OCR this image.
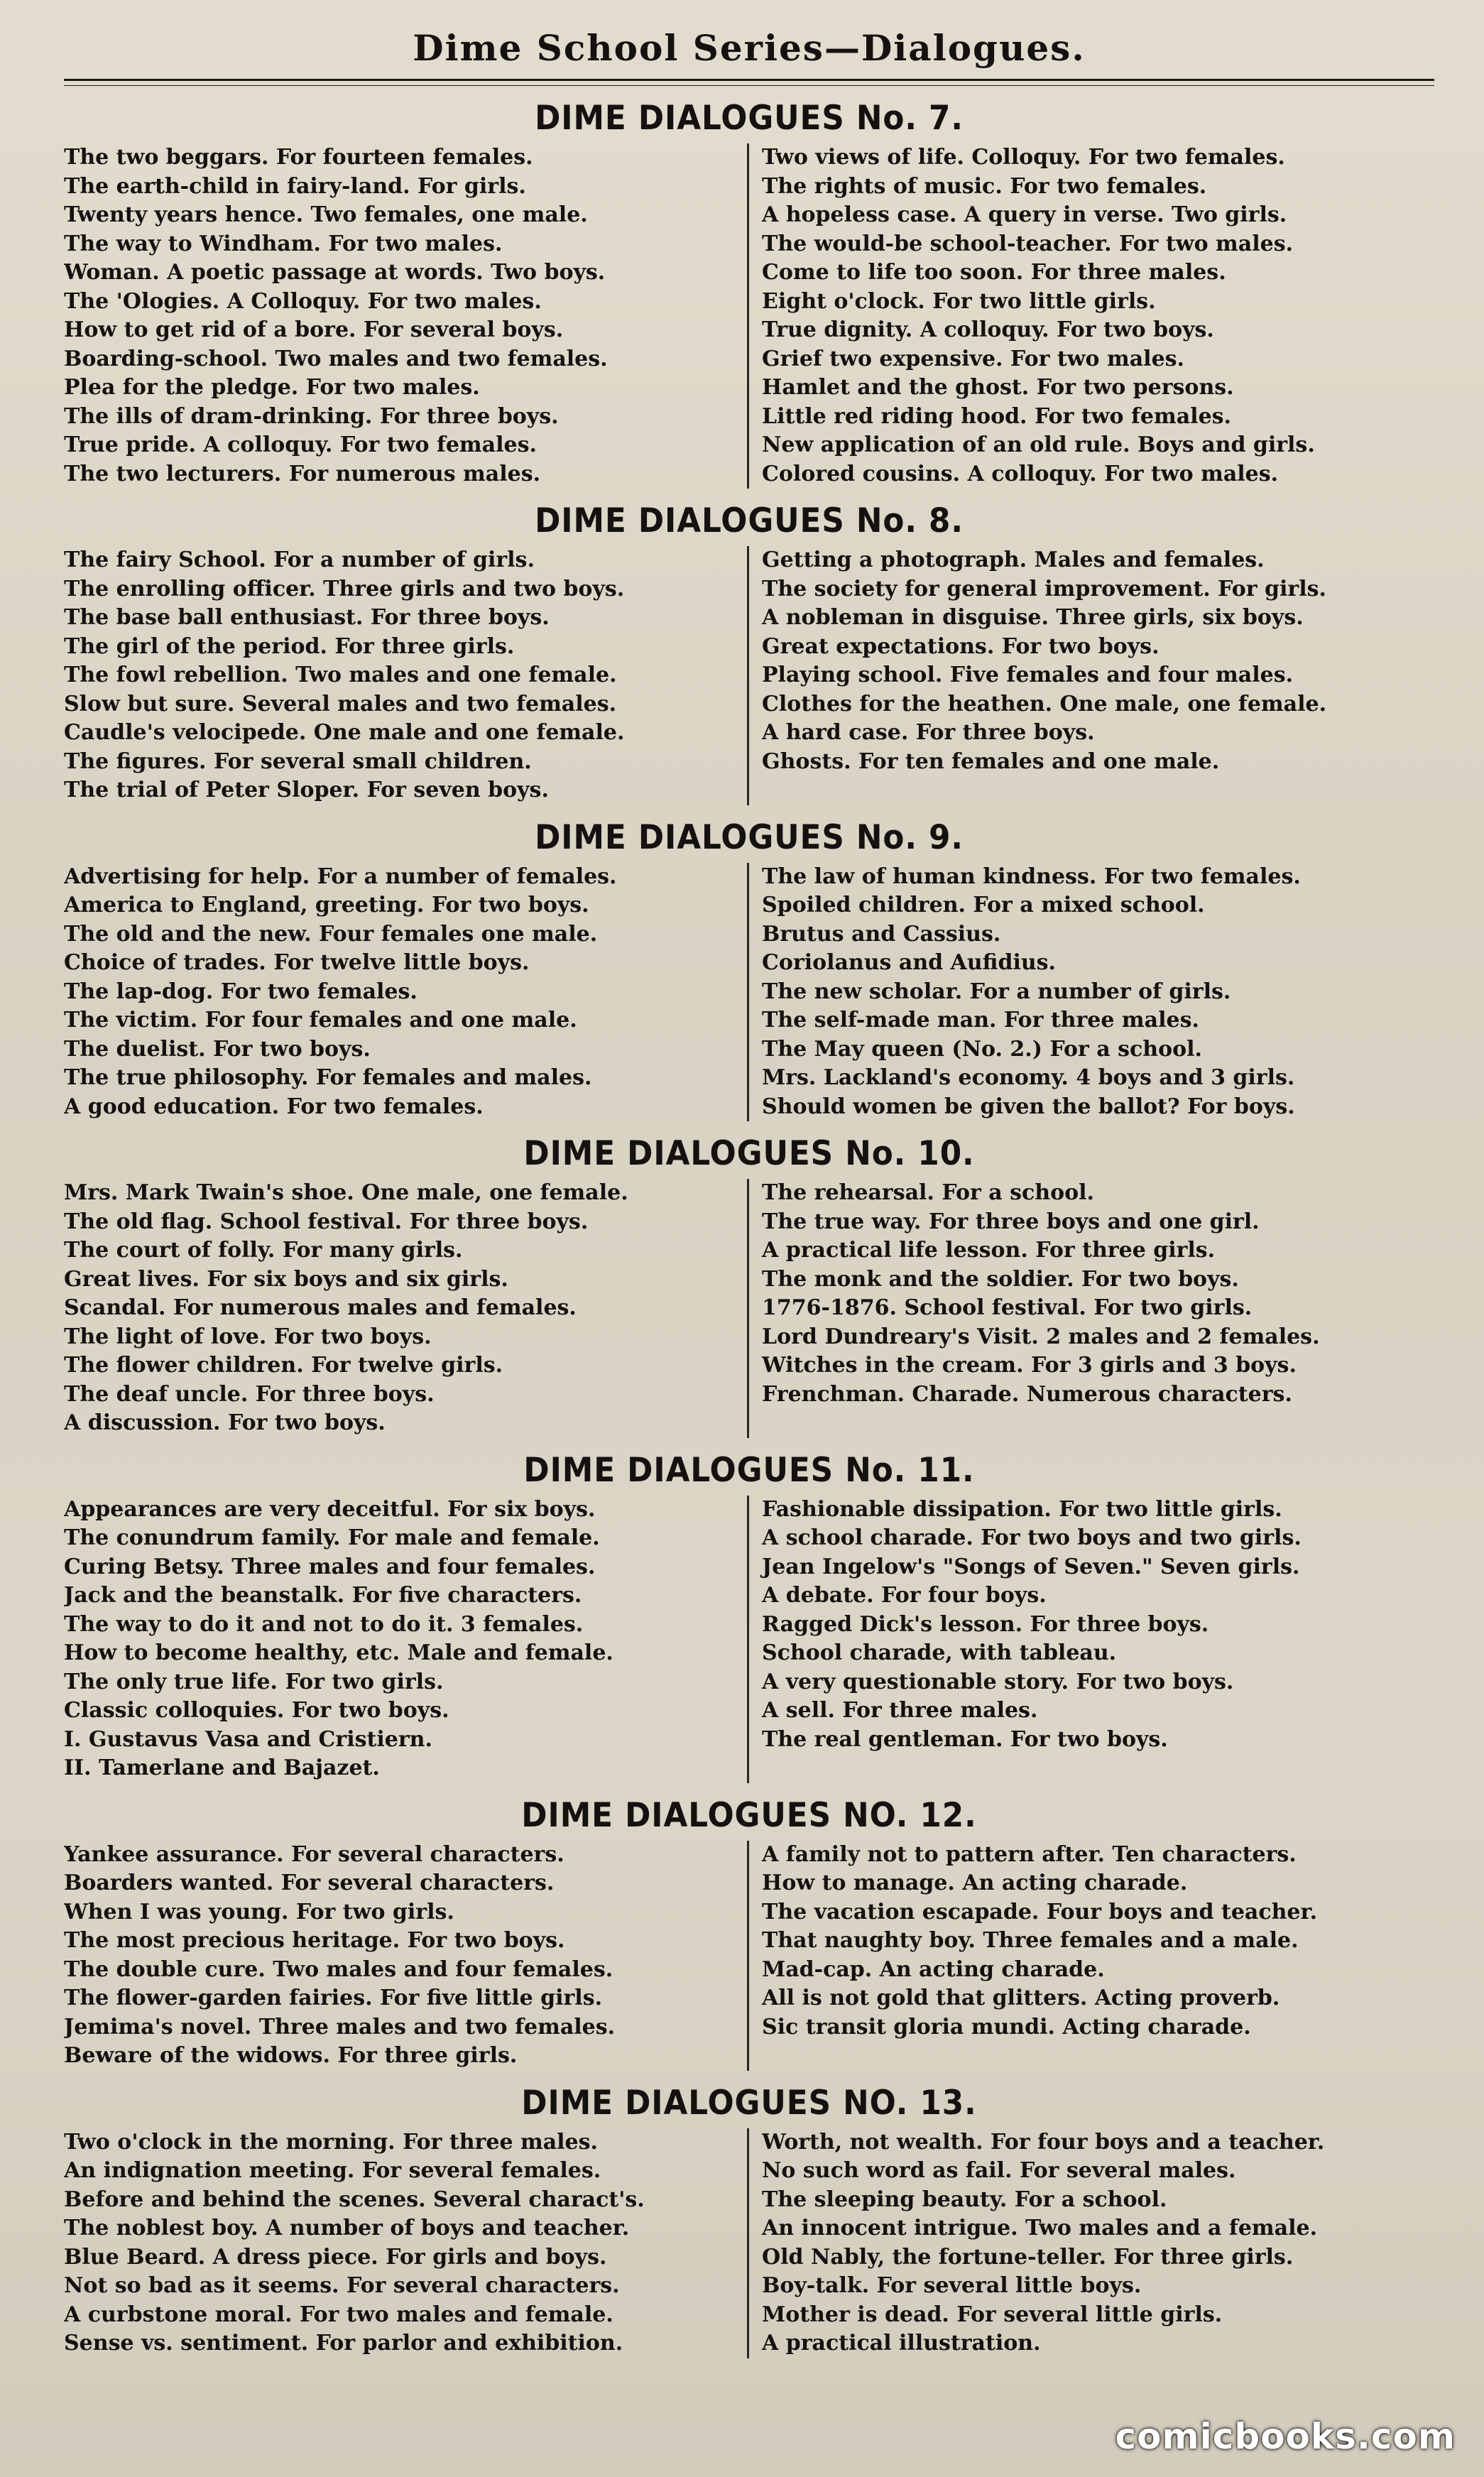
Dime School Series—Dialogues.
DIME DIALOGUES No. 7.
The two beggars. For fourteen females.
The earth-child in fairy-land. For girls.
Twenty years hence. Two females, one male.
The way to Windham. For two males.
Woman. A poetic passage at words. Two boys.
The 'Ologies. A Colloquy. For two males.
How to get rid of a bore. For several boys.
Boarding-school. Two males and two females.
Plea for the pledge. For two males.
The ills of dram-drinking. For three boys.
True pride. A colloquy. For two females.
The two lecturers. For numerous males.
Two views of life. Colloquy. For two females.
The rights of music. For two females.
A hopeless case. A query in verse. Two girls.
The would-be school-teacher. For two males.
Come to life too soon. For three males.
Eight o'clock. For two little girls.
True dignity. A colloquy. For two boys.
Grief two expensive. For two males.
Hamlet and the ghost. For two persons.
Little red riding hood. For two females.
New application of an old rule. Boys and girls.
Colored cousins. A colloquy. For two males.
DIME DIALOGUES No. 8.
The fairy School. For a number of girls.
The enrolling officer. Three girls and two boys.
The base ball enthusiast. For three boys.
The girl of the period. For three girls.
The fowl rebellion. Two males and one female.
Slow but sure. Several males and two females.
Caudle's velocipede. One male and one female.
The figures. For several small children.
The trial of Peter Sloper. For seven boys.
Getting a photograph. Males and females.
The society for general improvement. For girls.
A nobleman in disguise. Three girls, six boys.
Great expectations. For two boys.
Playing school. Five females and four males.
Clothes for the heathen. One male, one female.
A hard case. For three boys.
Ghosts. For ten females and one male.
DIME DIALOGUES No. 9.
Advertising for help. For a number of females.
America to England, greeting. For two boys.
The old and the new. Four females one male.
Choice of trades. For twelve little boys.
The lap-dog. For two females.
The victim. For four females and one male.
The duelist. For two boys.
The true philosophy. For females and males.
A good education. For two females.
The law of human kindness. For two females.
Spoiled children. For a mixed school.
Brutus and Cassius.
Coriolanus and Aufidius.
The new scholar. For a number of girls.
The self-made man. For three males.
The May queen (No. 2.) For a school.
Mrs. Lackland's economy. 4 boys and 3 girls.
Should women be given the ballot? For boys.
DIME DIALOGUES No. 10.
Mrs. Mark Twain's shoe. One male, one female.
The old flag. School festival. For three boys.
The court of folly. For many girls.
Great lives. For six boys and six girls.
Scandal. For numerous males and females.
The light of love. For two boys.
The flower children. For twelve girls.
The deaf uncle. For three boys.
A discussion. For two boys.
The rehearsal. For a school.
The true way. For three boys and one girl.
A practical life lesson. For three girls.
The monk and the soldier. For two boys.
1776-1876. School festival. For two girls.
Lord Dundreary's Visit. 2 males and 2 females.
Witches in the cream. For 3 girls and 3 boys.
Frenchman. Charade. Numerous characters.
DIME DIALOGUES No. 11.
Appearances are very deceitful. For six boys.
The conundrum family. For male and female.
Curing Betsy. Three males and four females.
Jack and the beanstalk. For five characters.
The way to do it and not to do it. 3 females.
How to become healthy, etc. Male and female.
The only true life. For two girls.
Classic colloquies. For two boys.
I. Gustavus Vasa and Cristiern.
II. Tamerlane and Bajazet.
Fashionable dissipation. For two little girls.
A school charade. For two boys and two girls.
Jean Ingelow's "Songs of Seven." Seven girls.
A debate. For four boys.
Ragged Dick's lesson. For three boys.
School charade, with tableau.
A very questionable story. For two boys.
A sell. For three males.
The real gentleman. For two boys.
DIME DIALOGUES NO. 12.
Yankee assurance. For several characters.
Boarders wanted. For several characters.
When I was young. For two girls.
The most precious heritage. For two boys.
The double cure. Two males and four females.
The flower-garden fairies. For five little girls.
Jemima's novel. Three males and two females.
Beware of the widows. For three girls.
A family not to pattern after. Ten characters.
How to manage. An acting charade.
The vacation escapade. Four boys and teacher.
That naughty boy. Three females and a male.
Mad-cap. An acting charade.
All is not gold that glitters. Acting proverb.
Sic transit gloria mundi. Acting charade.
DIME DIALOGUES NO. 13.
Two o'clock in the morning. For three males.
An indignation meeting. For several females.
Before and behind the scenes. Several charact's.
The noblest boy. A number of boys and teacher.
Blue Beard. A dress piece. For girls and boys.
Not so bad as it seems. For several characters.
A curbstone moral. For two males and female.
Sense vs. sentiment. For parlor and exhibition.
Worth, not wealth. For four boys and a teacher.
No such word as fail. For several males.
The sleeping beauty. For a school.
An innocent intrigue. Two males and a female.
Old Nably, the fortune-teller. For three girls.
Boy-talk. For several little boys.
Mother is dead. For several little girls.
A practical illustration.
comicbooks.com
